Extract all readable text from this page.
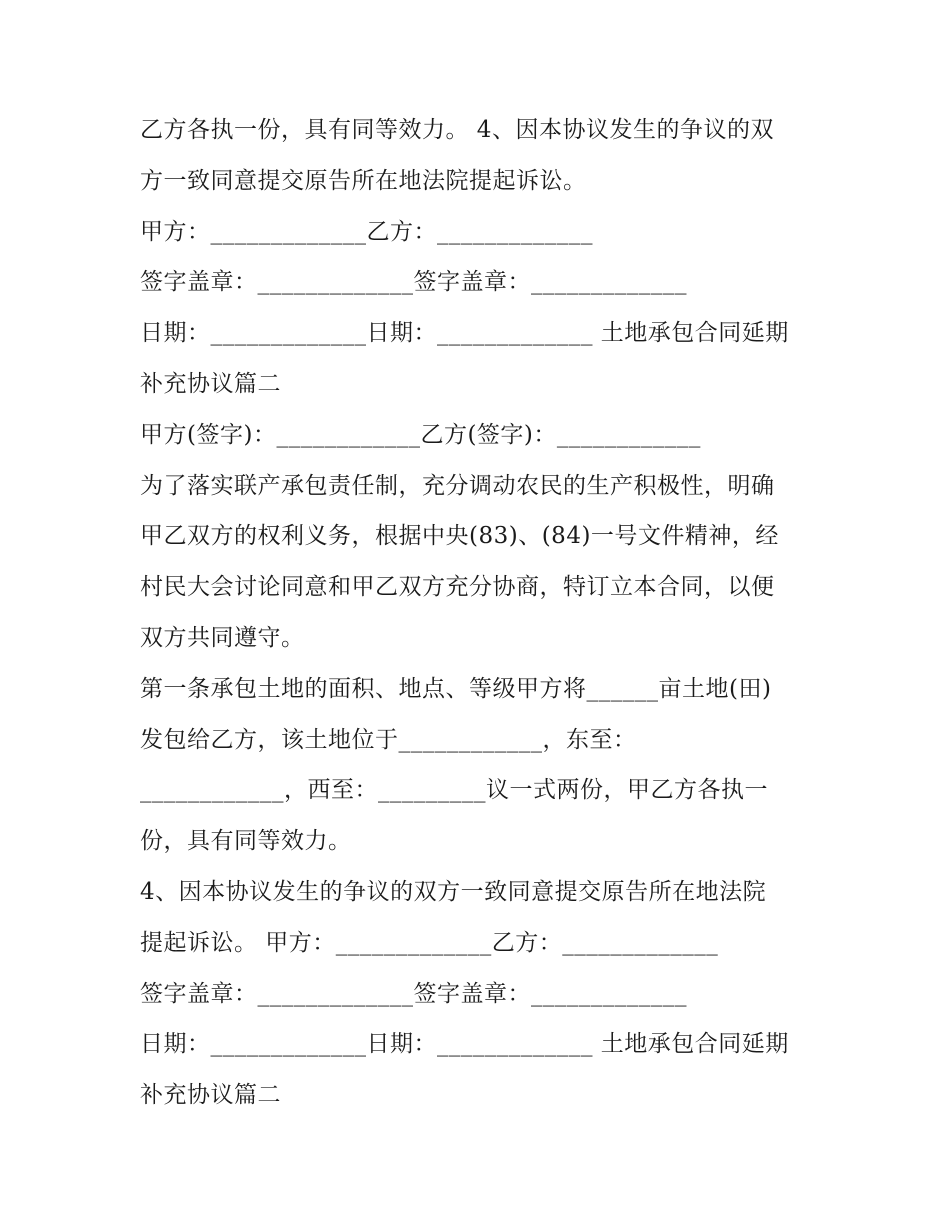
乙方各执一份，具有同等效力。 4、因本协议发生的争议的双
方一致同意提交原告所在地法院提起诉讼。
甲方：_____________乙方：_____________
签字盖章：_____________签字盖章：_____________
日期：_____________日期：_____________ 土地承包合同延期
补充协议篇二
甲方(签字)：____________乙方(签字)：____________
为了落实联产承包责任制，充分调动农民的生产积极性，明确
甲乙双方的权利义务，根据中央(83)、(84)一号文件精神，经
村民大会讨论同意和甲乙双方充分协商，特订立本合同，以便
双方共同遵守。
第一条承包土地的面积、地点、等级甲方将______亩土地(田)
发包给乙方，该土地位于____________，东至：
____________，西至：_________议一式两份，甲乙方各执一
份，具有同等效力。
4、因本协议发生的争议的双方一致同意提交原告所在地法院
提起诉讼。 甲方：_____________乙方：_____________
签字盖章：_____________签字盖章：_____________
日期：_____________日期：_____________ 土地承包合同延期
补充协议篇二
